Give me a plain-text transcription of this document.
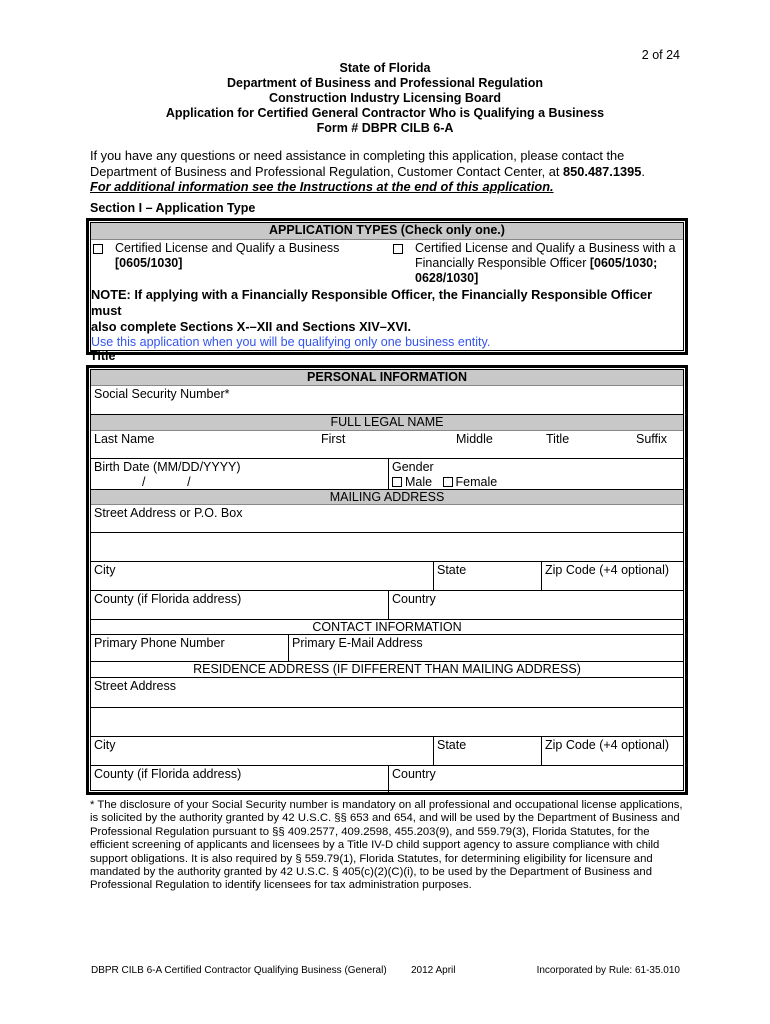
2 of 24
State of Florida
Department of Business and Professional Regulation
Construction Industry Licensing Board
Application for Certified General Contractor Who is Qualifying a Business
Form # DBPR CILB 6-A
If you have any questions or need assistance in completing this application, please contact the
Department of Business and Professional Regulation, Customer Contact Center, at 850.487.1395.
For additional information see the Instructions at the end of this application.
Section I – Application Type
APPLICATION TYPES (Check only one.)
Certified License and Qualify a Business
[0605/1030]
Certified License and Qualify a Business with a
Financially Responsible Officer [0605/1030;
0628/1030]
NOTE: If applying with a Financially Responsible Officer, the Financially Responsible Officer must
also complete Sections X-–XII and Sections XIV–XVI.
Use this application when you will be qualifying only one business entity.
Title
PERSONAL INFORMATION
Social Security Number*
FULL LEGAL NAME
Last Name	First	Middle	Title	Suffix
Birth Date (MM/DD/YYYY)
/            /
Gender
Male Female
MAILING ADDRESS
Street Address or P.O. Box
City	State	Zip Code (+4 optional)
County (if Florida address)	Country
CONTACT INFORMATION
Primary Phone Number	Primary E-Mail Address
RESIDENCE ADDRESS (IF DIFFERENT THAN MAILING ADDRESS)
Street Address
City	State	Zip Code (+4 optional)
County (if Florida address)	Country
* The disclosure of your Social Security number is mandatory on all professional and occupational license applications, is solicited by the authority granted by 42 U.S.C. §§ 653 and 654, and will be used by the Department of Business and Professional Regulation pursuant to §§ 409.2577, 409.2598, 455.203(9), and 559.79(3), Florida Statutes, for the efficient screening of applicants and licensees by a Title IV-D child support agency to assure compliance with child support obligations. It is also required by § 559.79(1), Florida Statutes, for determining eligibility for licensure and mandated by the authority granted by 42 U.S.C. § 405(c)(2)(C)(i), to be used by the Department of Business and Professional Regulation to identify licensees for tax administration purposes.
DBPR CILB 6-A Certified Contractor Qualifying Business (General) 2012 April	Incorporated by Rule: 61-35.010
